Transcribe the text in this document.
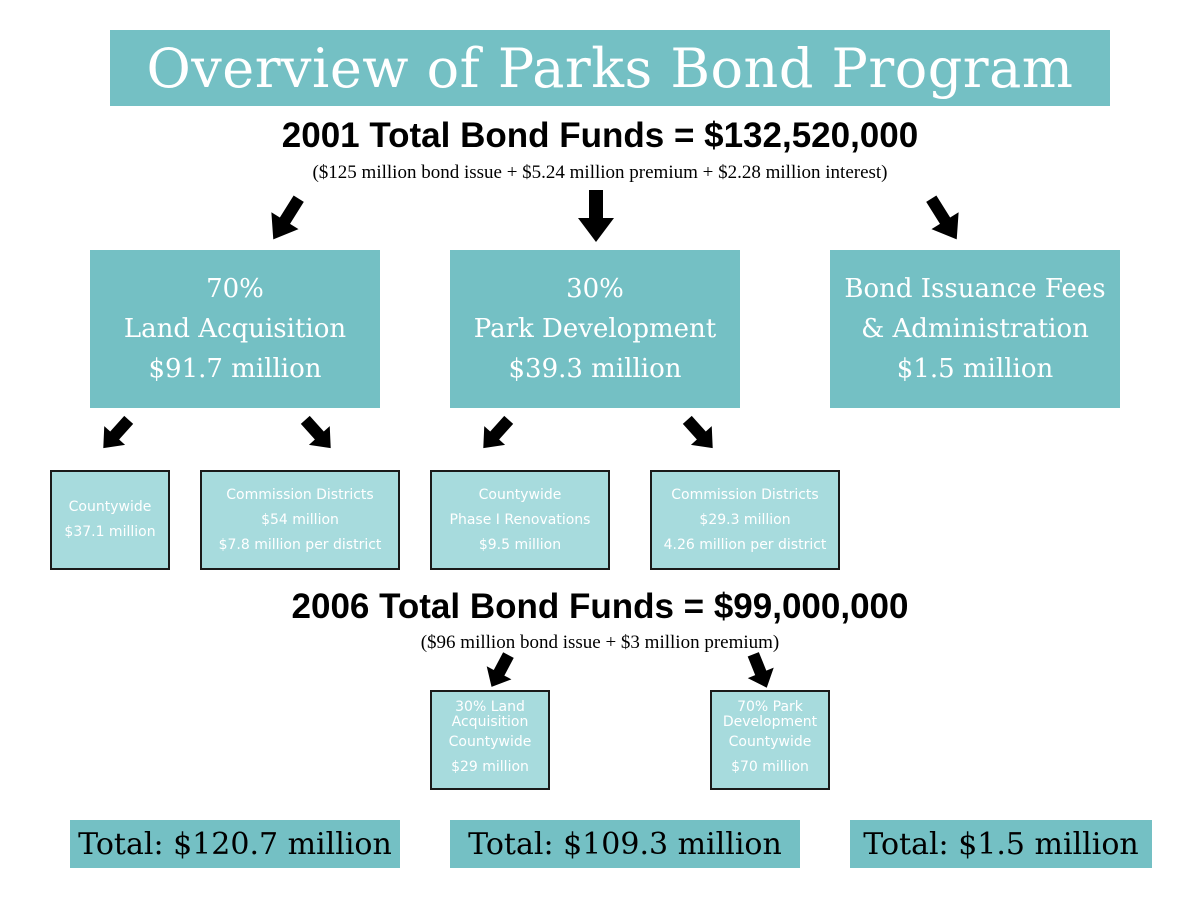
Overview of Parks Bond Program
2001 Total Bond Funds = $132,520,000
($125 million bond issue + $5.24 million premium + $2.28 million interest)
70%
Land Acquisition
$91.7 million
30%
Park Development
$39.3 million
Bond Issuance Fees
& Administration
$1.5 million
Countywide
$37.1 million
Commission Districts
$54 million
$7.8 million per district
Countywide
Phase I Renovations
$9.5 million
Commission Districts
$29.3 million
4.26 million per district
2006 Total Bond Funds = $99,000,000
($96 million bond issue + $3 million premium)
30% Land
Acquisition
Countywide
$29 million
70% Park
Development
Countywide
$70 million
Total: $120.7 million	Total: $109.3 million	Total: $1.5 million
